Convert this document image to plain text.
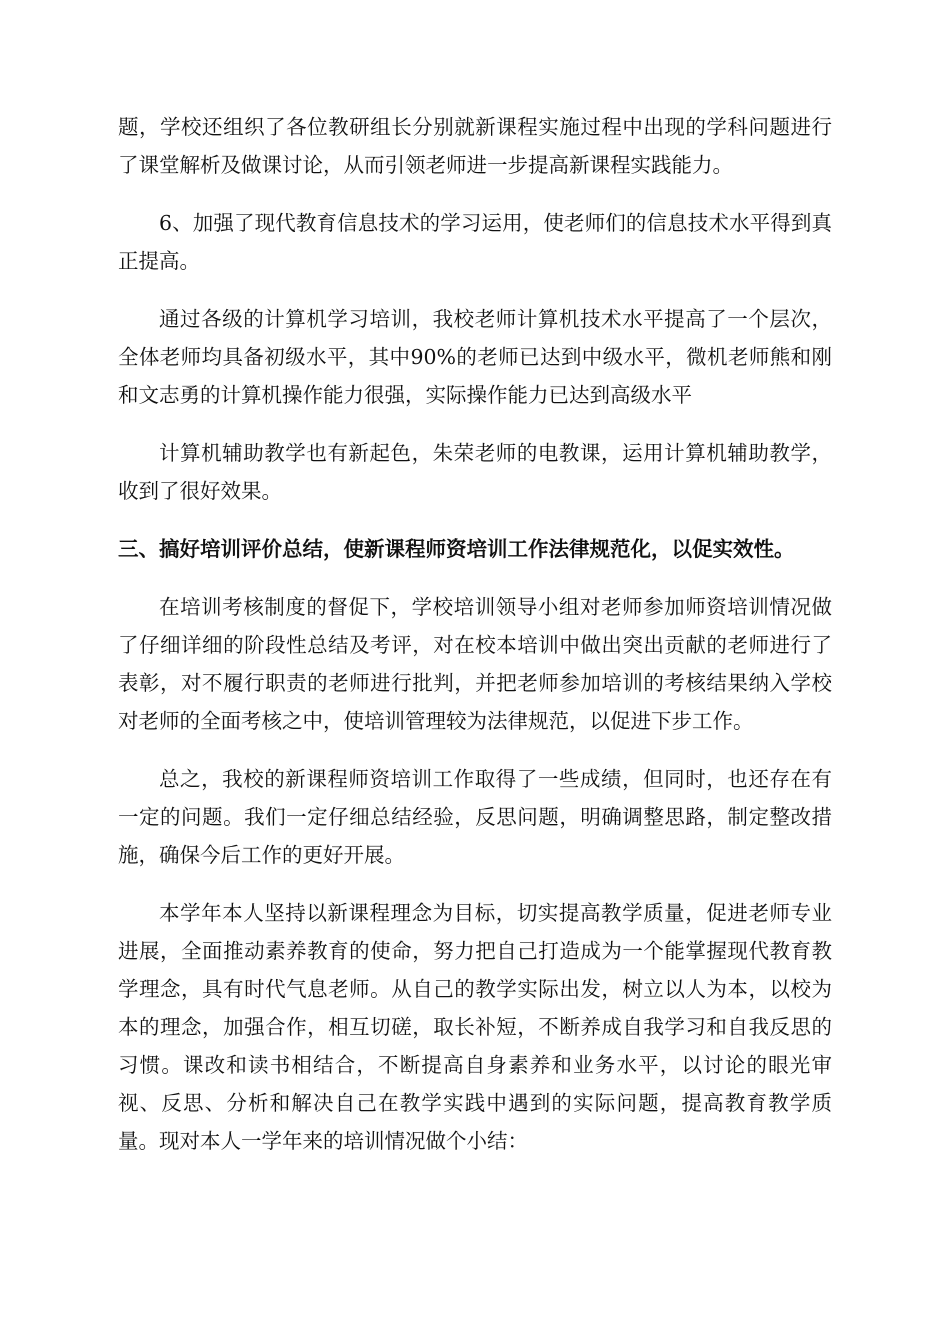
题，学校还组织了各位教研组长分别就新课程实施过程中出现的学科问题进行了课堂解析及做课讨论，从而引领老师进一步提高新课程实践能力。

6、加强了现代教育信息技术的学习运用，使老师们的信息技术水平得到真正提高。

通过各级的计算机学习培训，我校老师计算机技术水平提高了一个层次，全体老师均具备初级水平，其中90%的老师已达到中级水平，微机老师熊和刚和文志勇的计算机操作能力很强，实际操作能力已达到高级水平

计算机辅助教学也有新起色，朱荣老师的电教课，运用计算机辅助教学，收到了很好效果。

三、搞好培训评价总结，使新课程师资培训工作法律规范化，以促实效性。

在培训考核制度的督促下，学校培训领导小组对老师参加师资培训情况做了仔细详细的阶段性总结及考评，对在校本培训中做出突出贡献的老师进行了表彰，对不履行职责的老师进行批判，并把老师参加培训的考核结果纳入学校对老师的全面考核之中，使培训管理较为法律规范，以促进下步工作。

总之，我校的新课程师资培训工作取得了一些成绩，但同时，也还存在有一定的问题。我们一定仔细总结经验，反思问题，明确调整思路，制定整改措施，确保今后工作的更好开展。

本学年本人坚持以新课程理念为目标，切实提高教学质量，促进老师专业进展，全面推动素养教育的使命，努力把自己打造成为一个能掌握现代教育教学理念，具有时代气息老师。从自己的教学实际出发，树立以人为本，以校为本的理念，加强合作，相互切磋，取长补短，不断养成自我学习和自我反思的习惯。课改和读书相结合，不断提高自身素养和业务水平，以讨论的眼光审视、反思、分析和解决自己在教学实践中遇到的实际问题，提高教育教学质量。现对本人一学年来的培训情况做个小结：
